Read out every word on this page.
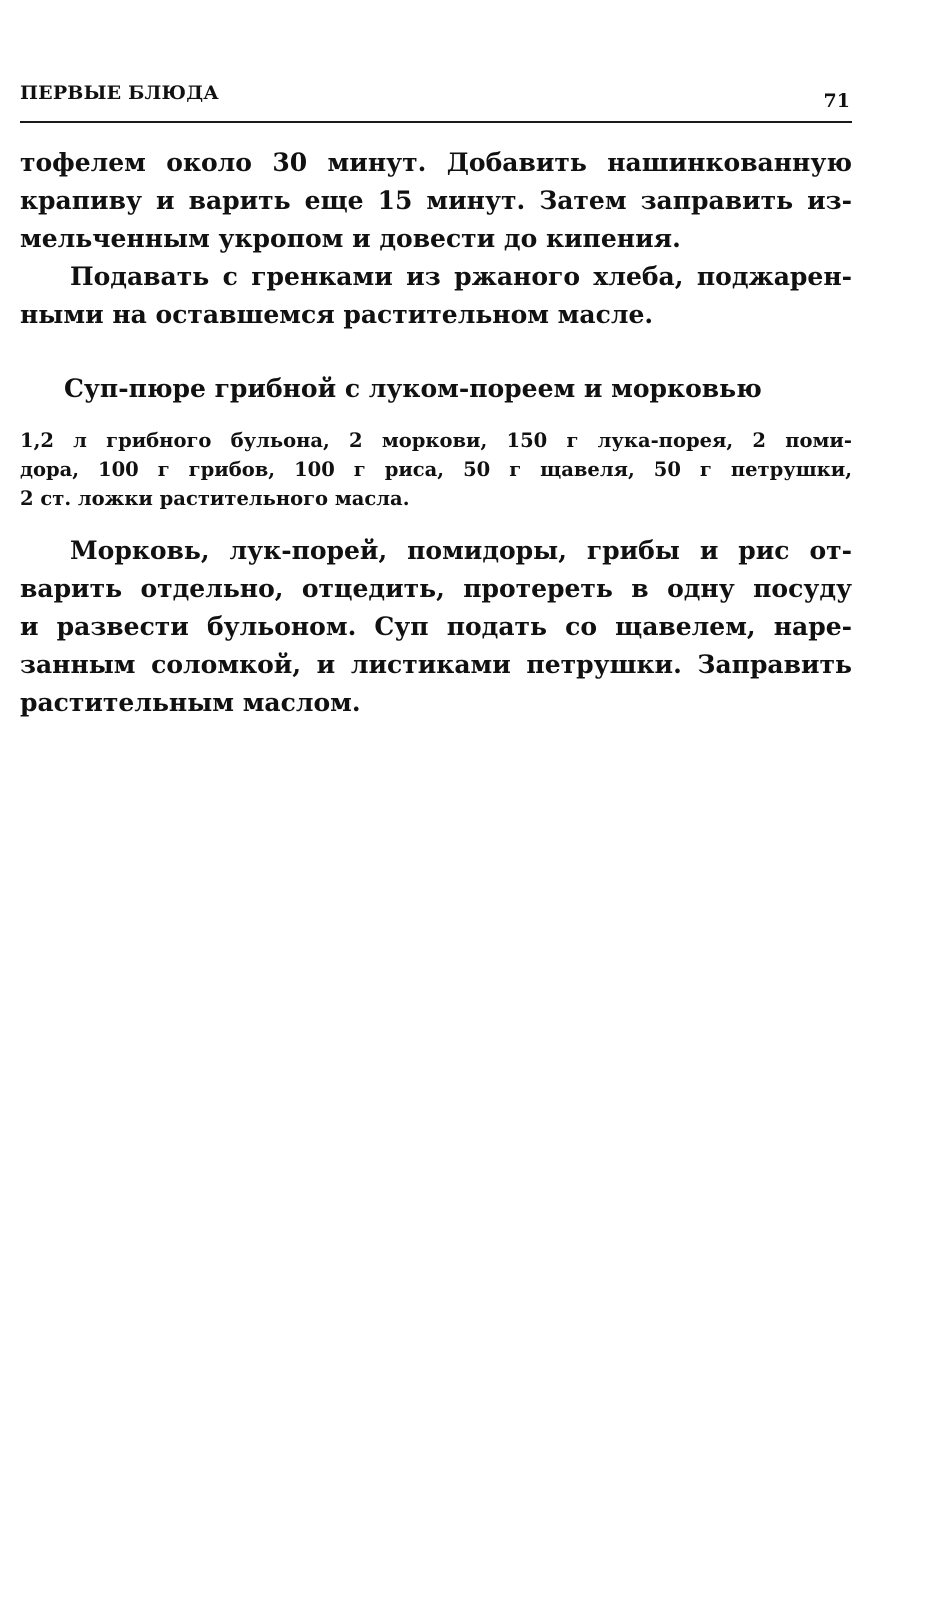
ПЕРВЫЕ БЛЮДА	71
тофелем около 30 минут. Добавить нашинкованную
крапиву и варить еще 15 минут. Затем заправить из-
мельченным укропом и довести до кипения.
Подавать с гренками из ржаного хлеба, поджарен-
ными на оставшемся растительном масле.
Суп-пюре грибной с луком-пореем и морковью
1,2 л грибного бульона, 2 моркови, 150 г лука-порея, 2 поми-
дора, 100 г грибов, 100 г риса, 50 г щавеля, 50 г петрушки,
2 ст. ложки растительного масла.
Морковь, лук-порей, помидоры, грибы и рис от-
варить отдельно, отцедить, протереть в одну посуду
и развести бульоном. Суп подать со щавелем, наре-
занным соломкой, и листиками петрушки. Заправить
растительным маслом.
